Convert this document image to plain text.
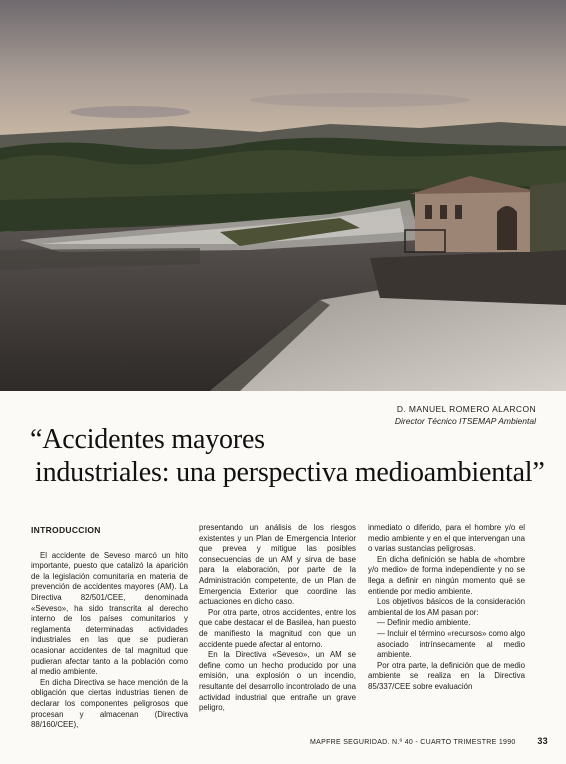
D. MANUEL ROMERO ALARCON
Director Técnico ITSEMAP Ambiental
“Accidentes mayores
industriales: una perspectiva medioambiental”
INTRODUCCION

El accidente de Seveso marcó un hito importante, puesto que catalizó la aparición de la legislación comunitaria en materia de prevención de accidentes mayores (AM). La Directiva 82/501/CEE, denominada «Seveso», ha sido transcrita al derecho interno de los países comunitarios y reglamenta determinadas actividades industriales en las que se pudieran ocasionar accidentes de tal magnitud que pudieran afectar tanto a la población como al medio ambiente.

En dicha Directiva se hace mención de la obligación que ciertas industrias tienen de declarar los componentes peligrosos que procesan y almacenan (Directiva 88/160/CEE),

presentando un análisis de los riesgos existentes y un Plan de Emergencia Interior que prevea y mitigue las posibles consecuencias de un AM y sirva de base para la elaboración, por parte de la Administración competente, de un Plan de Emergencia Exterior que coordine las actuaciones en dicho caso.

Por otra parte, otros accidentes, entre los que cabe destacar el de Basilea, han puesto de manifiesto la magnitud con que un accidente puede afectar al entorno.

En la Directiva «Seveso», un AM se define como un hecho producido por una emisión, una explosión o un incendio, resultante del desarrollo incontrolado de una actividad industrial que entrañe un grave peligro,

inmediato o diferido, para el hombre y/o el medio ambiente y en el que intervengan una o varias sustancias peligrosas.

En dicha definición se habla de «hombre y/o medio» de forma independiente y no se llega a definir en ningún momento qué se entiende por medio ambiente.

Los objetivos básicos de la consideración ambiental de los AM pasan por:

— Definir medio ambiente.
— Incluir el término «recursos» como algo asociado intrínsecamente al medio ambiente.

Por otra parte, la definición que de medio ambiente se realiza en la Directiva 85/337/CEE sobre evaluación

MAPFRE SEGURIDAD. N.º 40 - CUARTO TRIMESTRE 1990 33
